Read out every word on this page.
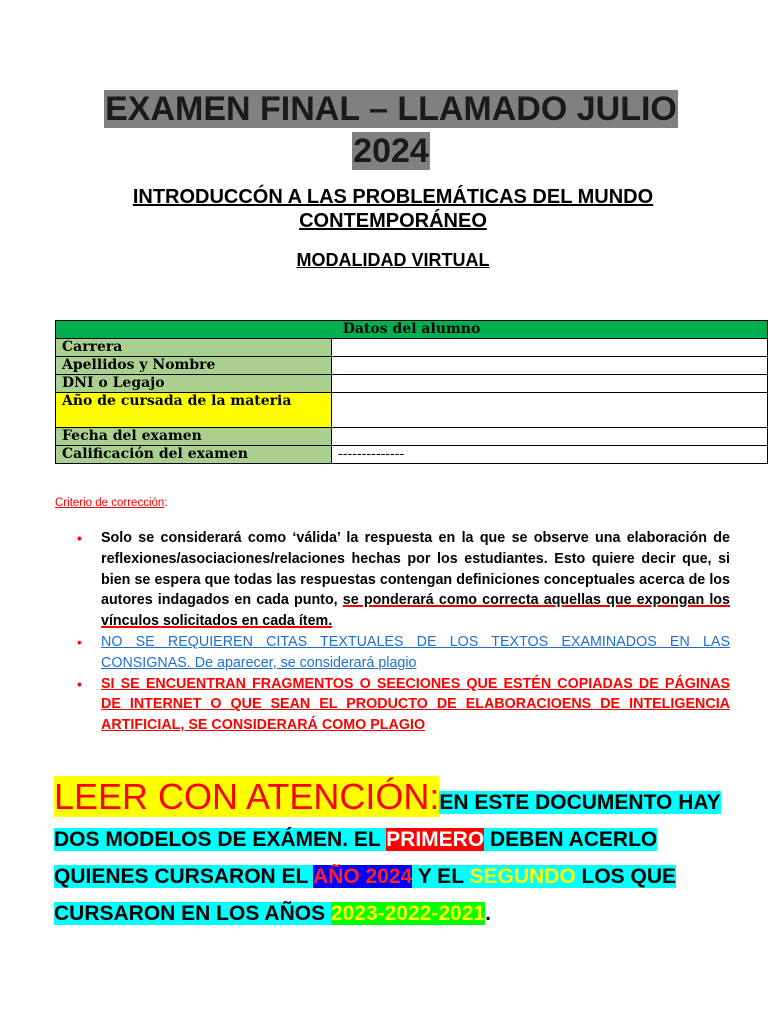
EXAMEN FINAL – LLAMADO JULIO
2024
INTRODUCCÓN A LAS PROBLEMÁTICAS DEL MUNDO CONTEMPORÁNEO
MODALIDAD VIRTUAL
Datos del alumno	
Carrera	
Apellidos y Nombre	
DNI o Legajo	
Año de cursada de la materia	
Fecha del examen	
Calificación del examen	--------------
Criterio de corrección:
• Solo se considerará como ‘válida’ la respuesta en la que se observe una elaboración de reflexiones/asociaciones/relaciones hechas por los estudiantes. Esto quiere decir que, si bien se espera que todas las respuestas contengan definiciones conceptuales acerca de los autores indagados en cada punto, se ponderará como correcta aquellas que expongan los vínculos solicitados en cada ítem.
• NO SE REQUIEREN CITAS TEXTUALES DE LOS TEXTOS EXAMINADOS EN LAS CONSIGNAS. De aparecer, se considerará plagio
• SI SE ENCUENTRAN FRAGMENTOS O SEECIONES QUE ESTÉN COPIADAS DE PÁGINAS DE INTERNET O QUE SEAN EL PRODUCTO DE ELABORACIOENS DE INTELIGENCIA ARTIFICIAL, SE CONSIDERARÁ COMO PLAGIO
LEER CON ATENCIÓN:EN ESTE DOCUMENTO HAY DOS MODELOS DE EXÁMEN. EL PRIMERO DEBEN ACERLO QUIENES CURSARON EL AÑO 2024 Y EL SEGUNDO LOS QUE CURSARON EN LOS AÑOS 2023-2022-2021.
